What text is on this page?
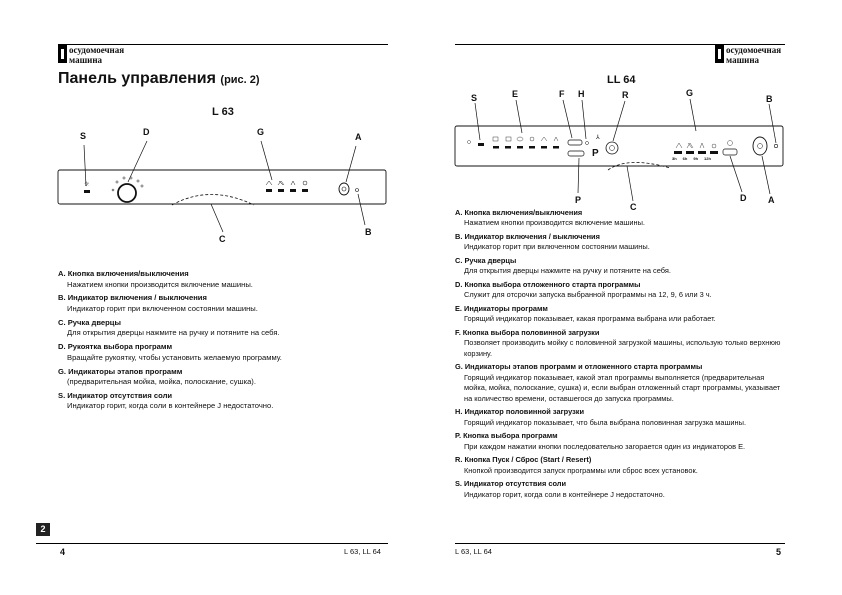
осудомоечная
машина
Панель управления (рис. 2)
L 63
☼
S	D	G	A
C
B
A. Кнопка включения/выключения
Нажатием кнопки производится включение машины.
B. Индикатор включения / выключения
Индикатор горит при включенном состоянии машины.
C. Ручка дверцы
Для открытия дверцы нажмите на ручку и потяните на себя.
D. Рукоятка выбора программ
Вращайте рукоятку, чтобы установить желаемую программу.
G. Индикаторы этапов программ
(предварительная мойка, мойка, полоскание, сушка).
S. Индикатор отсутствия соли
Индикатор горит, когда соли в контейнере J недостаточно.
2
4	L 63, LL 64
осудомоечная
машина
LL 64
⅄
P	3h 6h 9h 12h
S	E	F H	R	G
B
P
C
D A
A. Кнопка включения/выключения
Нажатием кнопки производится включение машины.
B. Индикатор включения / выключения
Индикатор горит при включенном состоянии машины.
C. Ручка дверцы
Для открытия дверцы нажмите на ручку и потяните на себя.
D. Кнопка выбора отложенного старта программы
Служит для отсрочки запуска выбранной программы на 12, 9, 6 или 3 ч.
E. Индикаторы программ
Горящий индикатор показывает, какая программа выбрана или работает.
F. Кнопка выбора половинной загрузки
Позволяет производить мойку с половинной загрузкой машины, использую только верхнюю корзину.
G. Индикаторы этапов программ и отложенного старта программы
Горящий индикатор показывает, какой этап программы выполняется (предварительная мойка, мойка, полоскание, сушка) и, если выбран отложенный старт программы, указывает на количество времени, оставшегося до запуска программы.
H. Индикатор половинной загрузки
Горящий индикатор показывает, что была выбрана половинная загрузка машины.
P. Кнопка выбора программ
При каждом нажатии кнопки последовательно загорается один из индикаторов E.
R. Кнопка Пуск / Сброс (Start / Resert)
Кнопкой производится запуск программы или сброс всех установок.
S. Индикатор отсутствия соли
Индикатор горит, когда соли в контейнере J недостаточно.
L 63, LL 64	5
